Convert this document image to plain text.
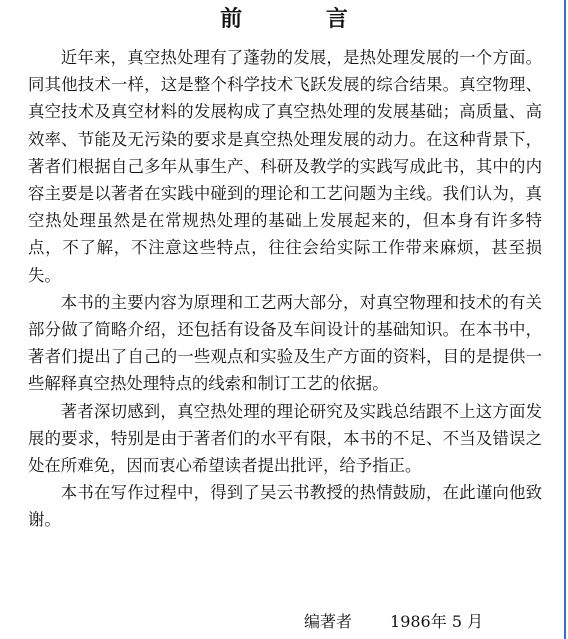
前 言

近年来，真空热处理有了蓬勃的发展，是热处理发展的一个方面。同其他技术一样，这是整个科学技术飞跃发展的综合结果。真空物理、真空技术及真空材料的发展构成了真空热处理的发展基础；高质量、高效率、节能及无污染的要求是真空热处理发展的动力。在这种背景下，著者们根据自己多年从事生产、科研及教学的实践写成此书，其中的内容主要是以著者在实践中碰到的理论和工艺问题为主线。我们认为，真空热处理虽然是在常规热处理的基础上发展起来的，但本身有许多特点，不了解，不注意这些特点，往往会给实际工作带来麻烦，甚至损失。

本书的主要内容为原理和工艺两大部分，对真空物理和技术的有关部分做了简略介绍，还包括有设备及车间设计的基础知识。在本书中，著者们提出了自己的一些观点和实验及生产方面的资料，目的是提供一些解释真空热处理特点的线索和制订工艺的依据。

著者深切感到，真空热处理的理论研究及实践总结跟不上这方面发展的要求，特别是由于著者们的水平有限，本书的不足、不当及错误之处在所难免，因而衷心希望读者提出批评，给予指正。

本书在写作过程中，得到了吴云书教授的热情鼓励，在此谨向他致谢。

编著者 1986年 5 月
